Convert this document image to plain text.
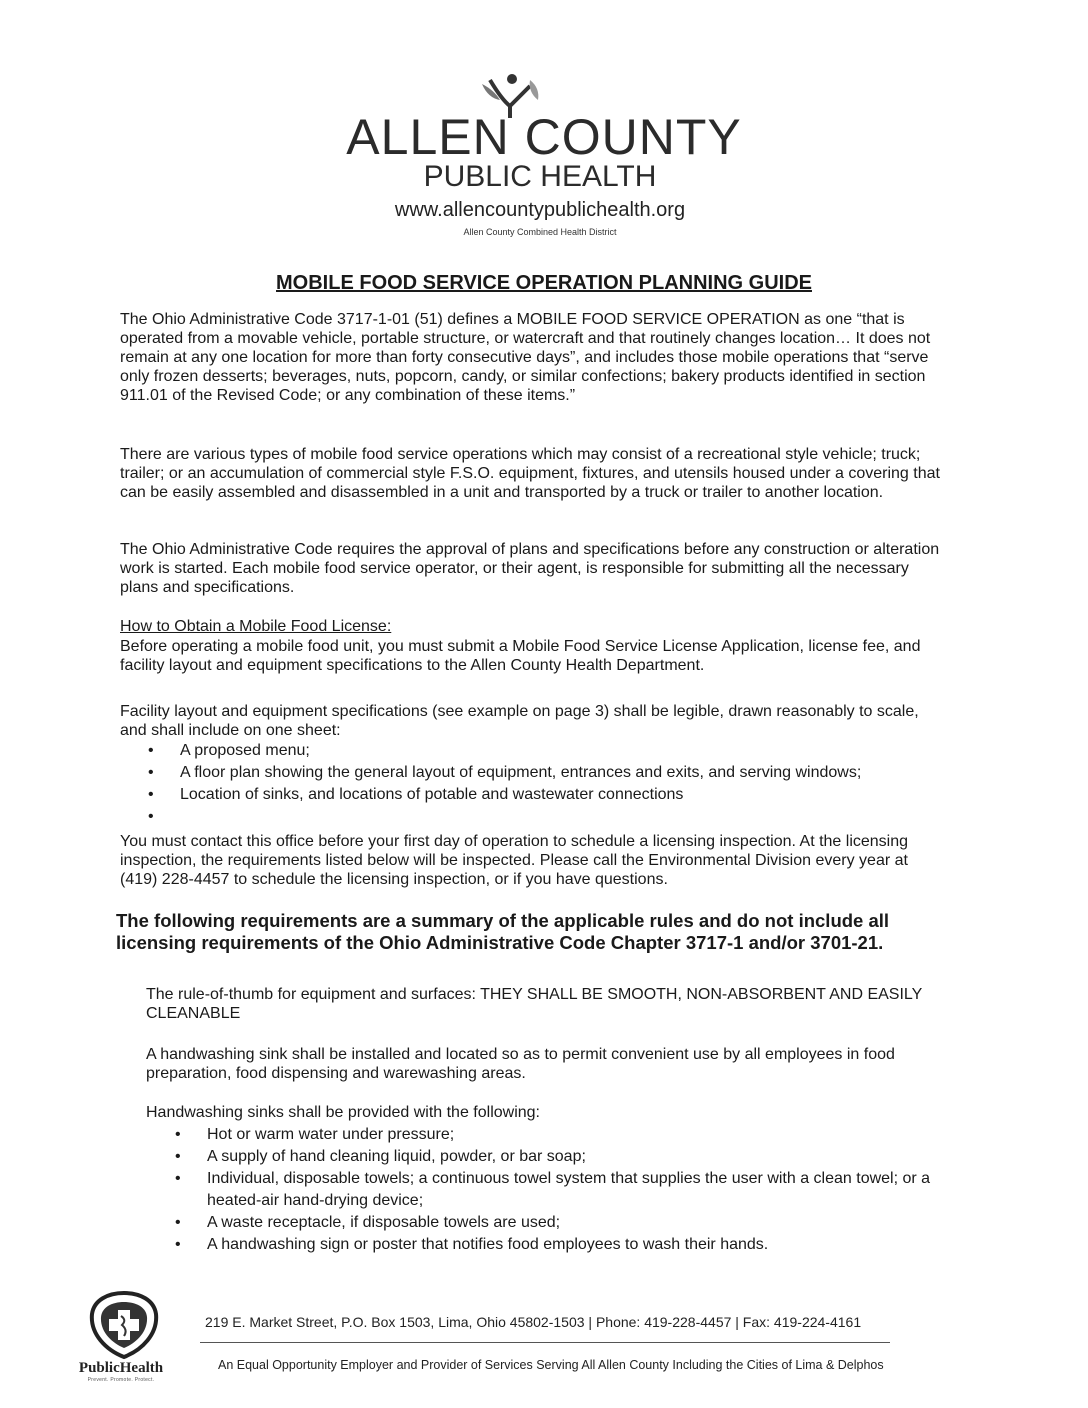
ALLEN COUNTY
PUBLIC HEALTH
www.allencountypublichealth.org
Allen County Combined Health District
MOBILE FOOD SERVICE OPERATION PLANNING GUIDE
The Ohio Administrative Code 3717-1-01 (51) defines a MOBILE FOOD SERVICE OPERATION as one “that is operated from a movable vehicle, portable structure, or watercraft and that routinely changes location… It does not remain at any one location for more than forty consecutive days”, and includes those mobile operations that “serve only frozen desserts; beverages, nuts, popcorn, candy, or similar confections; bakery products identified in section 911.01 of the Revised Code; or any combination of these items.”
There are various types of mobile food service operations which may consist of a recreational style vehicle; truck; trailer; or an accumulation of commercial style F.S.O. equipment, fixtures, and utensils housed under a covering that can be easily assembled and disassembled in a unit and transported by a truck or trailer to another location.
The Ohio Administrative Code requires the approval of plans and specifications before any construction or alteration work is started. Each mobile food service operator, or their agent, is responsible for submitting all the necessary plans and specifications.
How to Obtain a Mobile Food License:
Before operating a mobile food unit, you must submit a Mobile Food Service License Application, license fee, and facility layout and equipment specifications to the Allen County Health Department.
Facility layout and equipment specifications (see example on page 3) shall be legible, drawn reasonably to scale, and shall include on one sheet:
• A proposed menu;
• A floor plan showing the general layout of equipment, entrances and exits, and serving windows;
• Location of sinks, and locations of potable and wastewater connections
You must contact this office before your first day of operation to schedule a licensing inspection. At the licensing inspection, the requirements listed below will be inspected. Please call the Environmental Division every year at (419) 228-4457 to schedule the licensing inspection, or if you have questions.
The following requirements are a summary of the applicable rules and do not include all licensing requirements of the Ohio Administrative Code Chapter 3717-1 and/or 3701-21.
The rule-of-thumb for equipment and surfaces: THEY SHALL BE SMOOTH, NON-ABSORBENT AND EASILY CLEANABLE
A handwashing sink shall be installed and located so as to permit convenient use by all employees in food preparation, food dispensing and warewashing areas.
Handwashing sinks shall be provided with the following:
• Hot or warm water under pressure;
• A supply of hand cleaning liquid, powder, or bar soap;
• Individual, disposable towels; a continuous towel system that supplies the user with a clean towel; or a heated-air hand-drying device;
• A waste receptacle, if disposable towels are used;
• A handwashing sign or poster that notifies food employees to wash their hands.
PublicHealth
Prevent. Promote. Protect.
219 E. Market Street, P.O. Box 1503, Lima, Ohio 45802-1503 | Phone: 419-228-4457 | Fax: 419-224-4161
An Equal Opportunity Employer and Provider of Services Serving All Allen County Including the Cities of Lima & Delphos
